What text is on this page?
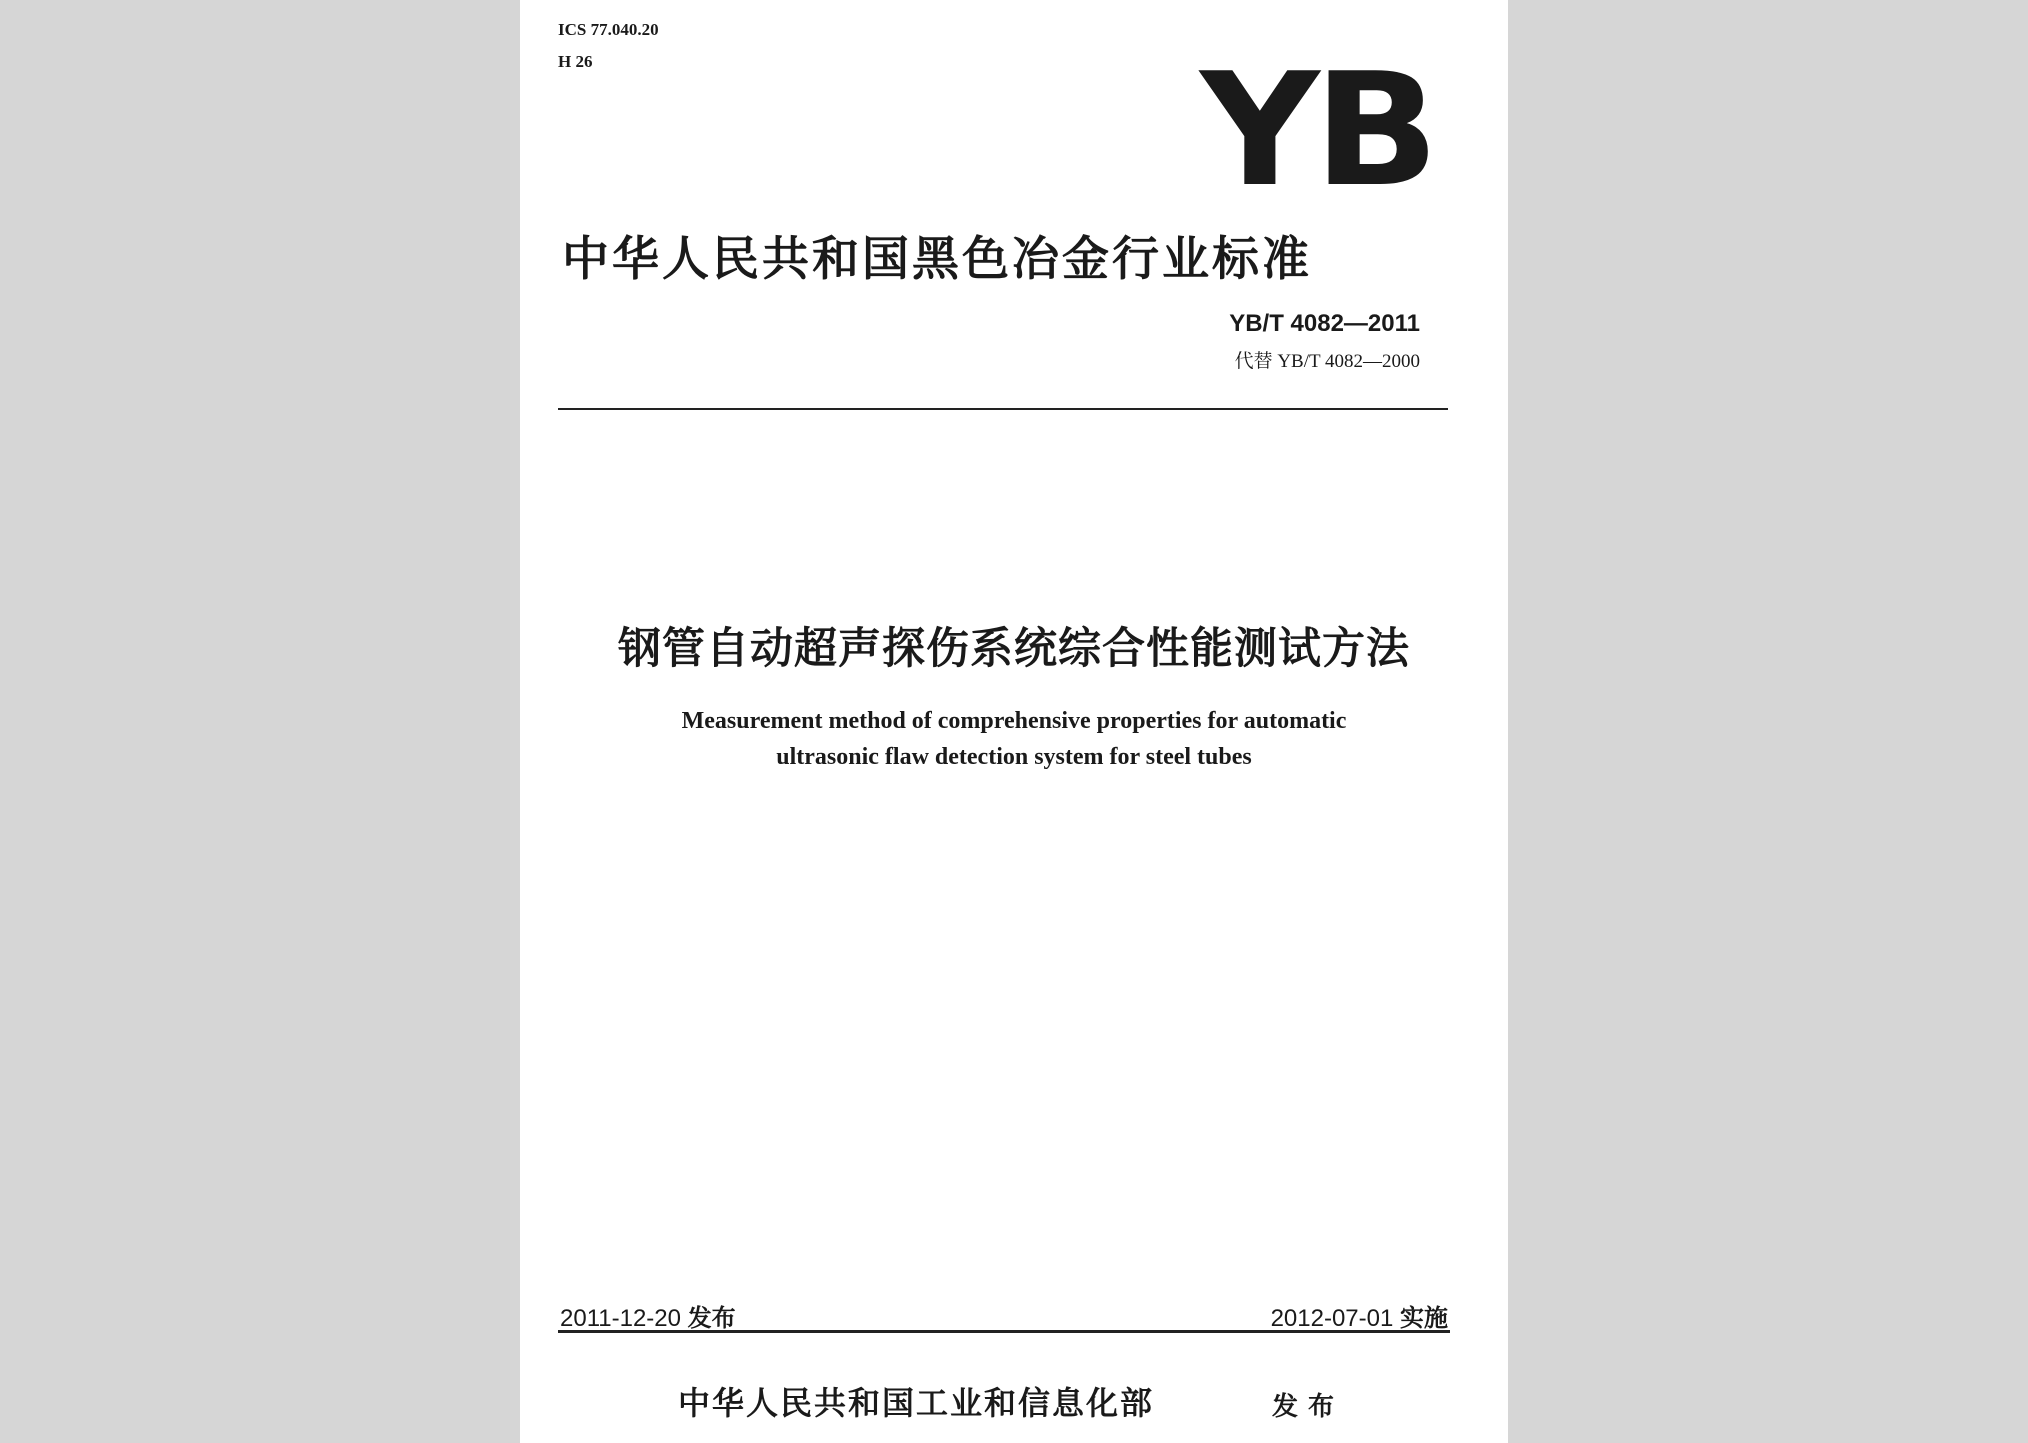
ICS 77.040.20
H 26	YB
中华人民共和国黑色冶金行业标准
YB/T 4082—2011
代替 YB/T 4082—2000
钢管自动超声探伤系统综合性能测试方法
Measurement method of comprehensive properties for automatic
ultrasonic flaw detection system for steel tubes
2011-12-20 发布	2012-07-01 实施
中华人民共和国工业和信息化部	发布
